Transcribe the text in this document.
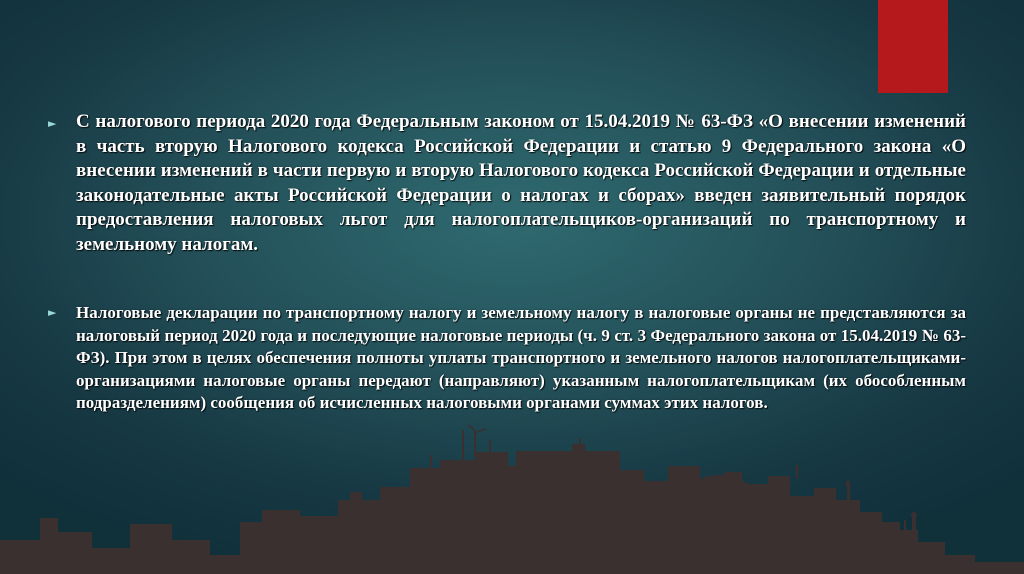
► С налогового периода 2020 года Федеральным законом от 15.04.2019 № 63-ФЗ «О внесении изменений в часть вторую Налогового кодекса Российской Федерации и статью 9 Федерального закона «О внесении изменений в части первую и вторую Налогового кодекса Российской Федерации и отдельные законодательные акты Российской Федерации о налогах и сборах» введен заявительный порядок предоставления налоговых льгот для налогоплательщиков-организаций по транспортному и земельному налогам.
► Налоговые декларации по транспортному налогу и земельному налогу в налоговые органы не представляются за налоговый период 2020 года и последующие налоговые периоды (ч. 9 ст. 3 Федерального закона от 15.04.2019 № 63-ФЗ). При этом в целях обеспечения полноты уплаты транспортного и земельного налогов налогоплательщиками-организациями налоговые органы передают (направляют) указанным налогоплательщикам (их обособленным подразделениям) сообщения об исчисленных налоговыми органами суммах этих налогов.
